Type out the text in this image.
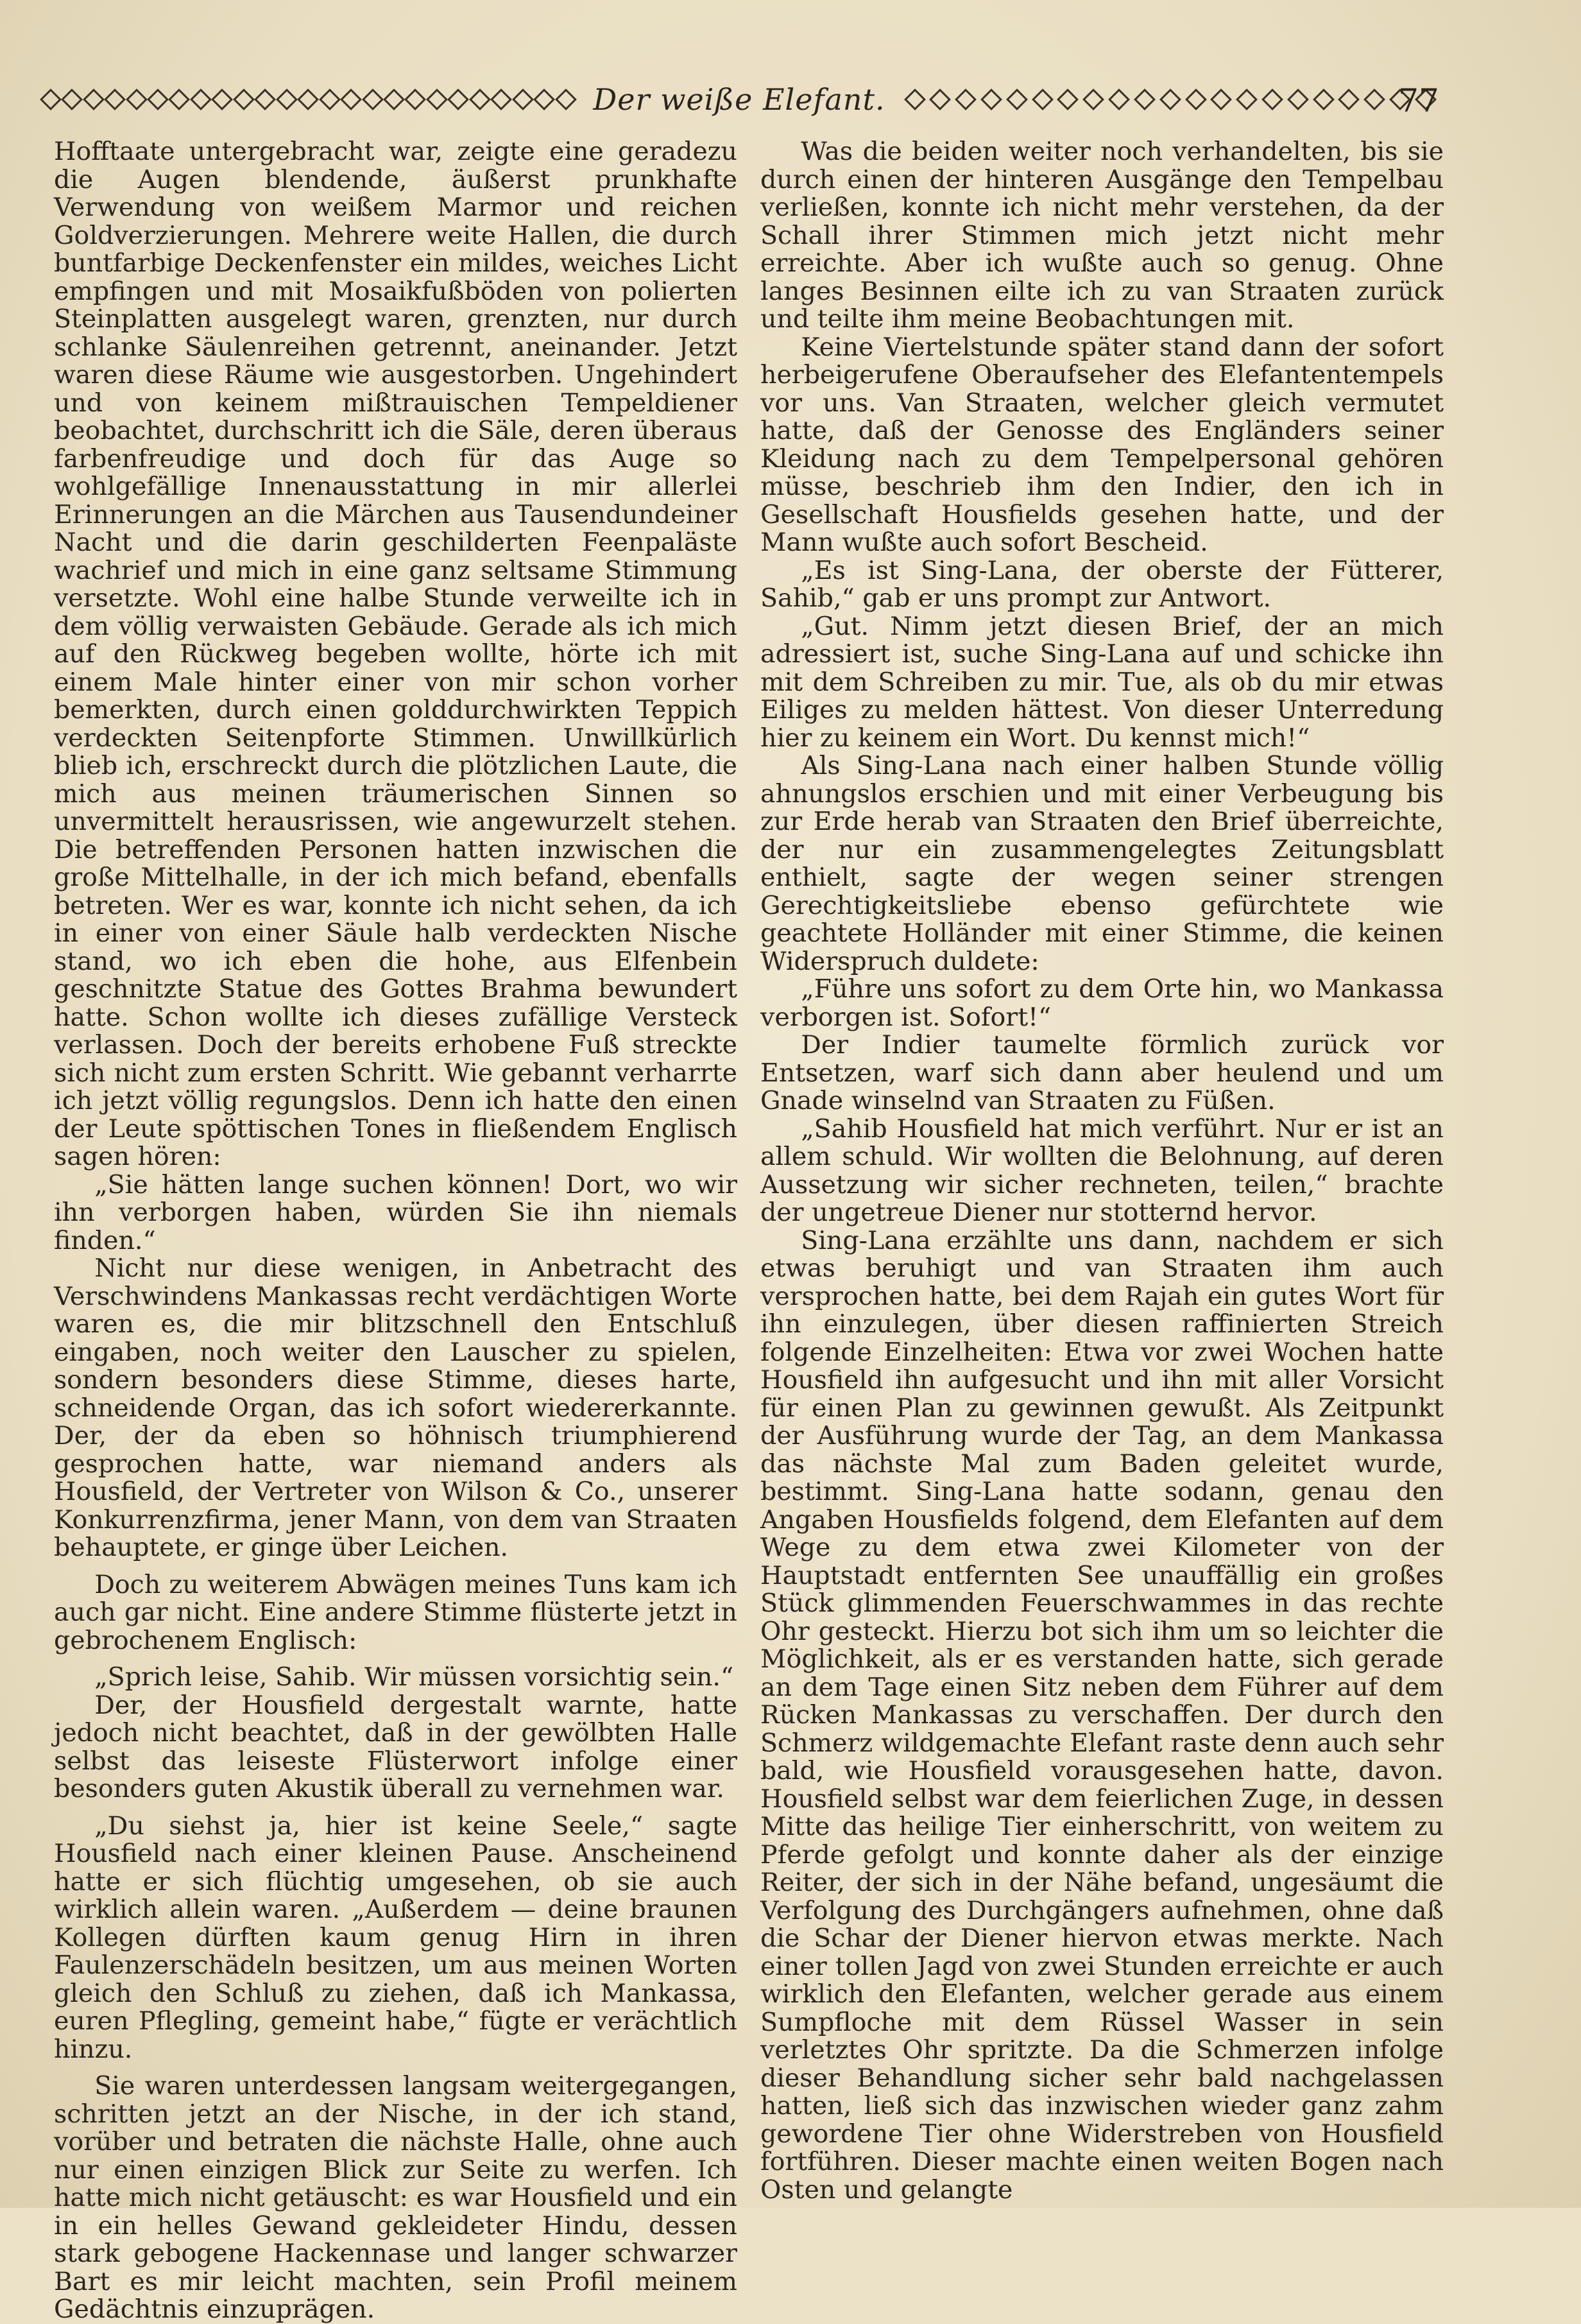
Der weiße Elefant.	77

Hofftaate untergebracht war, zeigte eine geradezu die Augen blendende, äußerst prunkhafte Verwendung von weißem Marmor und reichen Goldverzierungen. Mehrere weite Hallen, die durch buntfarbige Deckenfenster ein mildes, weiches Licht empfingen und mit Mosaikfußböden von polierten Steinplatten ausgelegt waren, grenzten, nur durch schlanke Säulenreihen getrennt, aneinander. Jetzt waren diese Räume wie ausgestorben. Ungehindert und von keinem mißtrauischen Tempeldiener beobachtet, durchschritt ich die Säle, deren überaus farbenfreudige und doch für das Auge so wohlgefällige Innenausstattung in mir allerlei Erinnerungen an die Märchen aus Tausendundeiner Nacht und die darin geschilderten Feenpaläste wachrief und mich in eine ganz seltsame Stimmung versetzte. Wohl eine halbe Stunde verweilte ich in dem völlig verwaisten Gebäude. Gerade als ich mich auf den Rückweg begeben wollte, hörte ich mit einem Male hinter einer von mir schon vorher bemerkten, durch einen golddurchwirkten Teppich verdeckten Seitenpforte Stimmen. Unwillkürlich blieb ich, erschreckt durch die plötzlichen Laute, die mich aus meinen träumerischen Sinnen so unvermittelt herausrissen, wie angewurzelt stehen. Die betreffenden Personen hatten inzwischen die große Mittelhalle, in der ich mich befand, ebenfalls betreten. Wer es war, konnte ich nicht sehen, da ich in einer von einer Säule halb verdeckten Nische stand, wo ich eben die hohe, aus Elfenbein geschnitzte Statue des Gottes Brahma bewundert hatte. Schon wollte ich dieses zufällige Versteck verlassen. Doch der bereits erhobene Fuß streckte sich nicht zum ersten Schritt. Wie gebannt verharrte ich jetzt völlig regungslos. Denn ich hatte den einen der Leute spöttischen Tones in fließendem Englisch sagen hören:

„Sie hätten lange suchen können! Dort, wo wir ihn verborgen haben, würden Sie ihn niemals finden.“

Nicht nur diese wenigen, in Anbetracht des Verschwindens Mankassas recht verdächtigen Worte waren es, die mir blitzschnell den Entschluß eingaben, noch weiter den Lauscher zu spielen, sondern besonders diese Stimme, dieses harte, schneidende Organ, das ich sofort wiedererkannte. Der, der da eben so höhnisch triumphierend gesprochen hatte, war niemand anders als Housfield, der Vertreter von Wilson & Co., unserer Konkurrenzfirma, jener Mann, von dem van Straaten behauptete, er ginge über Leichen.

Doch zu weiterem Abwägen meines Tuns kam ich auch gar nicht. Eine andere Stimme flüsterte jetzt in gebrochenem Englisch:

„Sprich leise, Sahib. Wir müssen vorsichtig sein.“

Der, der Housfield dergestalt warnte, hatte jedoch nicht beachtet, daß in der gewölbten Halle selbst das leiseste Flüsterwort infolge einer besonders guten Akustik überall zu vernehmen war.

„Du siehst ja, hier ist keine Seele,“ sagte Housfield nach einer kleinen Pause. Anscheinend hatte er sich flüchtig umgesehen, ob sie auch wirklich allein waren. „Außerdem — deine braunen Kollegen dürften kaum genug Hirn in ihren Faulenzerschädeln besitzen, um aus meinen Worten gleich den Schluß zu ziehen, daß ich Mankassa, euren Pflegling, gemeint habe,“ fügte er verächtlich hinzu.

Sie waren unterdessen langsam weitergegangen, schritten jetzt an der Nische, in der ich stand, vorüber und betraten die nächste Halle, ohne auch nur einen einzigen Blick zur Seite zu werfen. Ich hatte mich nicht getäuscht: es war Housfield und ein in ein helles Gewand gekleideter Hindu, dessen stark gebogene Hackennase und langer schwarzer Bart es mir leicht machten, sein Profil meinem Gedächtnis einzuprägen.

Was die beiden weiter noch verhandelten, bis sie durch einen der hinteren Ausgänge den Tempelbau verließen, konnte ich nicht mehr verstehen, da der Schall ihrer Stimmen mich jetzt nicht mehr erreichte. Aber ich wußte auch so genug. Ohne langes Besinnen eilte ich zu van Straaten zurück und teilte ihm meine Beobachtungen mit.

Keine Viertelstunde später stand dann der sofort herbeigerufene Oberaufseher des Elefantentempels vor uns. Van Straaten, welcher gleich vermutet hatte, daß der Genosse des Engländers seiner Kleidung nach zu dem Tempelpersonal gehören müsse, beschrieb ihm den Indier, den ich in Gesellschaft Housfields gesehen hatte, und der Mann wußte auch sofort Bescheid.

„Es ist Sing-Lana, der oberste der Fütterer, Sahib,“ gab er uns prompt zur Antwort.

„Gut. Nimm jetzt diesen Brief, der an mich adressiert ist, suche Sing-Lana auf und schicke ihn mit dem Schreiben zu mir. Tue, als ob du mir etwas Eiliges zu melden hättest. Von dieser Unterredung hier zu keinem ein Wort. Du kennst mich!“

Als Sing-Lana nach einer halben Stunde völlig ahnungslos erschien und mit einer Verbeugung bis zur Erde herab van Straaten den Brief überreichte, der nur ein zusammengelegtes Zeitungsblatt enthielt, sagte der wegen seiner strengen Gerechtigkeitsliebe ebenso gefürchtete wie geachtete Holländer mit einer Stimme, die keinen Widerspruch duldete:

„Führe uns sofort zu dem Orte hin, wo Mankassa verborgen ist. Sofort!“

Der Indier taumelte förmlich zurück vor Entsetzen, warf sich dann aber heulend und um Gnade winselnd van Straaten zu Füßen.

„Sahib Housfield hat mich verführt. Nur er ist an allem schuld. Wir wollten die Belohnung, auf deren Aussetzung wir sicher rechneten, teilen,“ brachte der ungetreue Diener nur stotternd hervor.

Sing-Lana erzählte uns dann, nachdem er sich etwas beruhigt und van Straaten ihm auch versprochen hatte, bei dem Rajah ein gutes Wort für ihn einzulegen, über diesen raffinierten Streich folgende Einzelheiten: Etwa vor zwei Wochen hatte Housfield ihn aufgesucht und ihn mit aller Vorsicht für einen Plan zu gewinnen gewußt. Als Zeitpunkt der Ausführung wurde der Tag, an dem Mankassa das nächste Mal zum Baden geleitet wurde, bestimmt. Sing-Lana hatte sodann, genau den Angaben Housfields folgend, dem Elefanten auf dem Wege zu dem etwa zwei Kilometer von der Hauptstadt entfernten See unauffällig ein großes Stück glimmenden Feuerschwammes in das rechte Ohr gesteckt. Hierzu bot sich ihm um so leichter die Möglichkeit, als er es verstanden hatte, sich gerade an dem Tage einen Sitz neben dem Führer auf dem Rücken Mankassas zu verschaffen. Der durch den Schmerz wildgemachte Elefant raste denn auch sehr bald, wie Housfield vorausgesehen hatte, davon. Housfield selbst war dem feierlichen Zuge, in dessen Mitte das heilige Tier einherschritt, von weitem zu Pferde gefolgt und konnte daher als der einzige Reiter, der sich in der Nähe befand, ungesäumt die Verfolgung des Durchgängers aufnehmen, ohne daß die Schar der Diener hiervon etwas merkte. Nach einer tollen Jagd von zwei Stunden erreichte er auch wirklich den Elefanten, welcher gerade aus einem Sumpfloche mit dem Rüssel Wasser in sein verletztes Ohr spritzte. Da die Schmerzen infolge dieser Behandlung sicher sehr bald nachgelassen hatten, ließ sich das inzwischen wieder ganz zahm gewordene Tier ohne Widerstreben von Housfield fortführen. Dieser machte einen weiten Bogen nach Osten und gelangte
